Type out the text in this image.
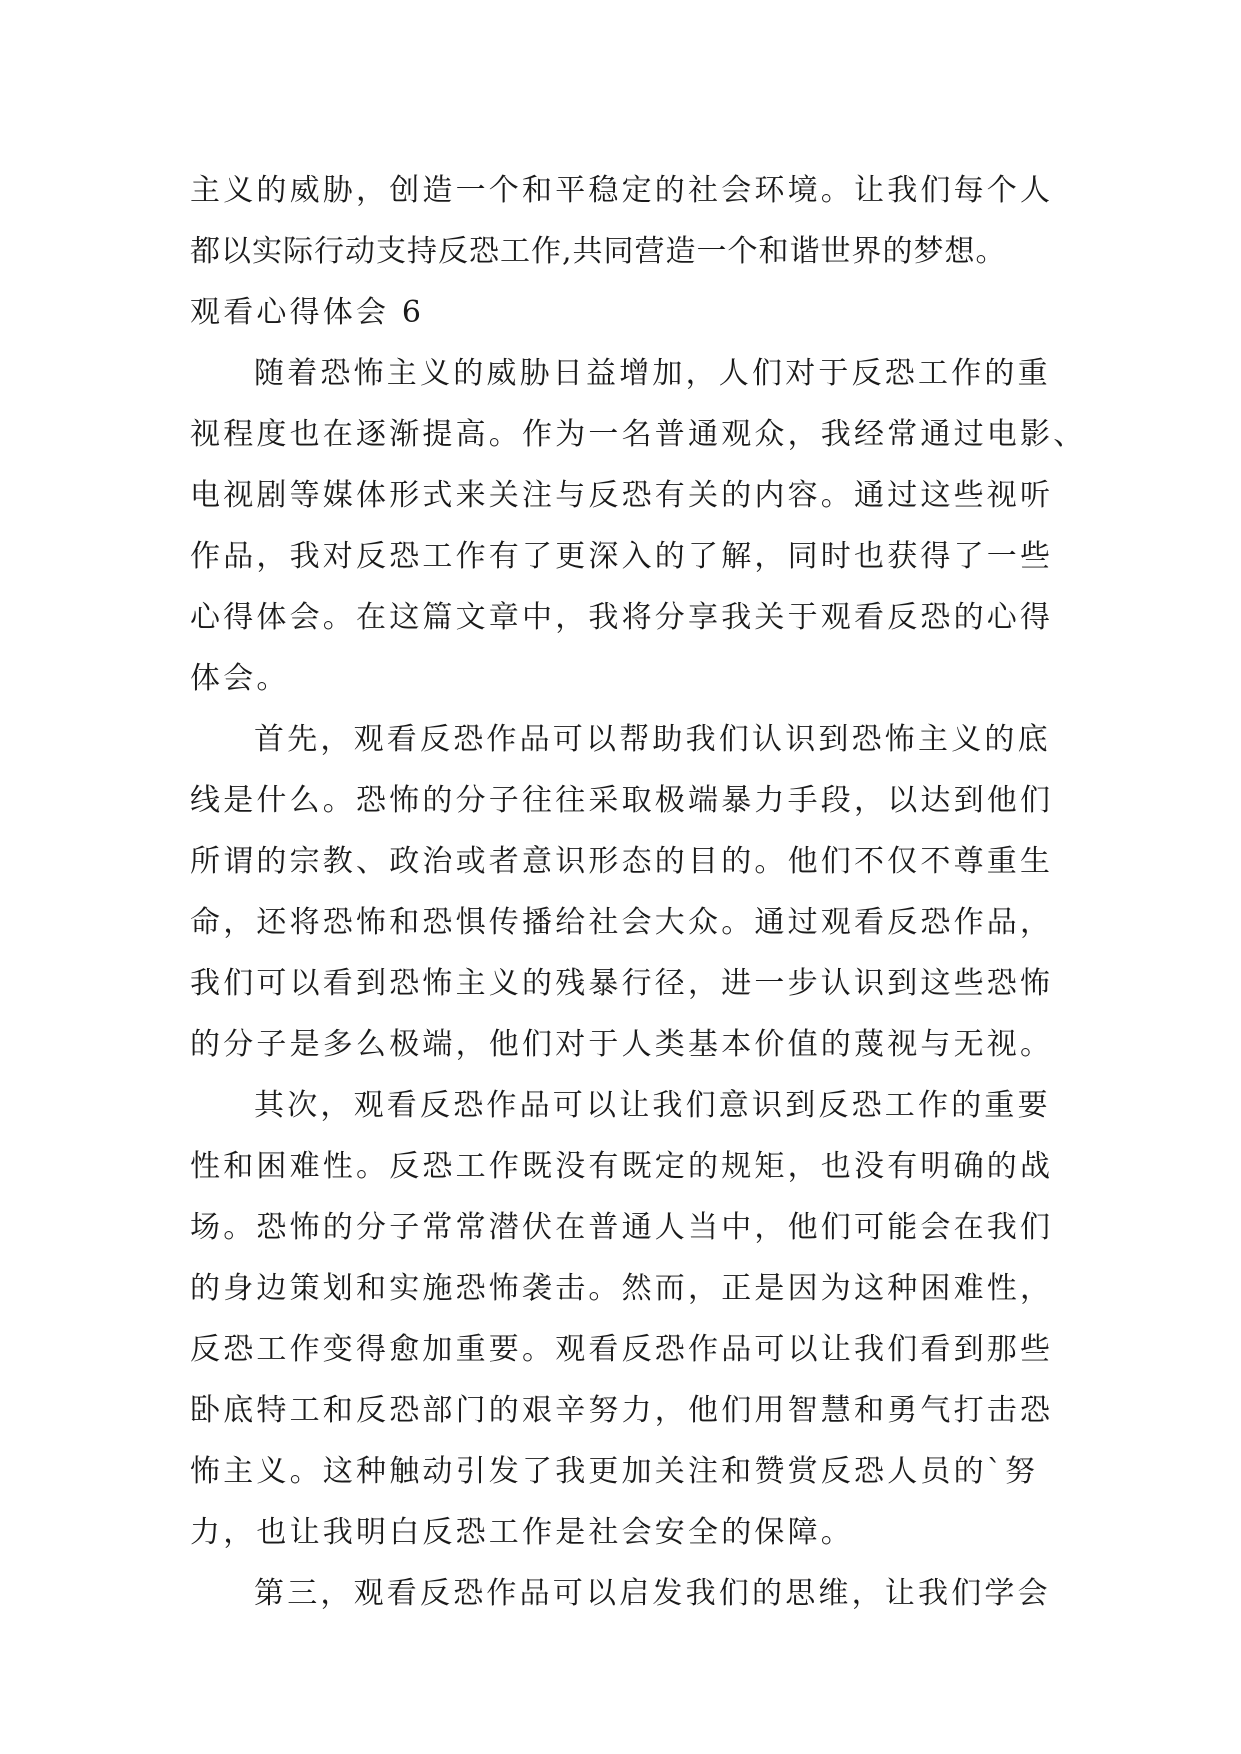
主义的威胁，创造一个和平稳定的社会环境。让我们每个人
都以实际行动支持反恐工作,共同营造一个和谐世界的梦想。
观看心得体会 6
随着恐怖主义的威胁日益增加，人们对于反恐工作的重
视程度也在逐渐提高。作为一名普通观众，我经常通过电影、
电视剧等媒体形式来关注与反恐有关的内容。通过这些视听
作品，我对反恐工作有了更深入的了解，同时也获得了一些
心得体会。在这篇文章中，我将分享我关于观看反恐的心得
体会。
首先，观看反恐作品可以帮助我们认识到恐怖主义的底
线是什么。恐怖的分子往往采取极端暴力手段，以达到他们
所谓的宗教、政治或者意识形态的目的。他们不仅不尊重生
命，还将恐怖和恐惧传播给社会大众。通过观看反恐作品，
我们可以看到恐怖主义的残暴行径，进一步认识到这些恐怖
的分子是多么极端，他们对于人类基本价值的蔑视与无视。
其次，观看反恐作品可以让我们意识到反恐工作的重要
性和困难性。反恐工作既没有既定的规矩，也没有明确的战
场。恐怖的分子常常潜伏在普通人当中，他们可能会在我们
的身边策划和实施恐怖袭击。然而，正是因为这种困难性，
反恐工作变得愈加重要。观看反恐作品可以让我们看到那些
卧底特工和反恐部门的艰辛努力，他们用智慧和勇气打击恐
怖主义。这种触动引发了我更加关注和赞赏反恐人员的`努
力，也让我明白反恐工作是社会安全的保障。
第三，观看反恐作品可以启发我们的思维，让我们学会
